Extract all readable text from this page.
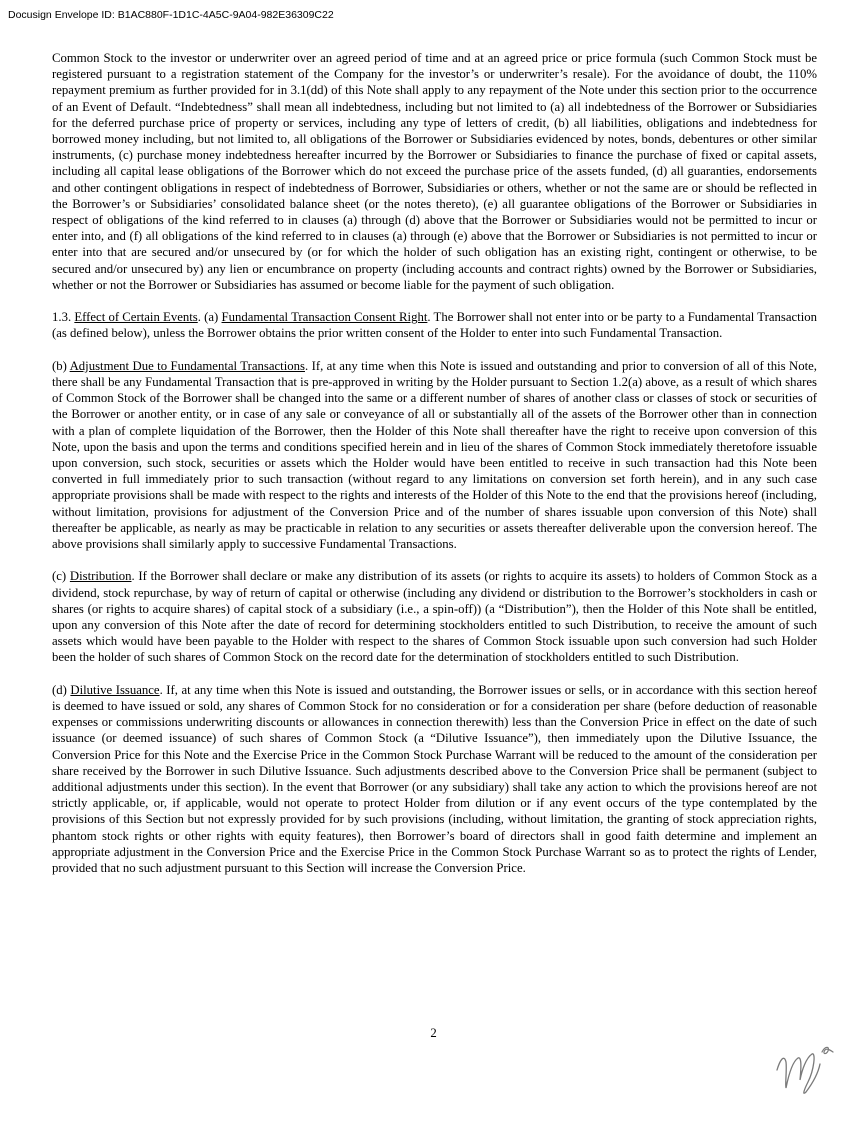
Docusign Envelope ID: B1AC880F-1D1C-4A5C-9A04-982E36309C22

Common Stock to the investor or underwriter over an agreed period of time and at an agreed price or price formula (such Common Stock must be registered pursuant to a registration statement of the Company for the investor’s or underwriter’s resale). For the avoidance of doubt, the 110% repayment premium as further provided for in 3.1(dd) of this Note shall apply to any repayment of the Note under this section prior to the occurrence of an Event of Default. “Indebtedness” shall mean all indebtedness, including but not limited to (a) all indebtedness of the Borrower or Subsidiaries for the deferred purchase price of property or services, including any type of letters of credit, (b) all liabilities, obligations and indebtedness for borrowed money including, but not limited to, all obligations of the Borrower or Subsidiaries evidenced by notes, bonds, debentures or other similar instruments, (c) purchase money indebtedness hereafter incurred by the Borrower or Subsidiaries to finance the purchase of fixed or capital assets, including all capital lease obligations of the Borrower which do not exceed the purchase price of the assets funded, (d) all guaranties, endorsements and other contingent obligations in respect of indebtedness of Borrower, Subsidiaries or others, whether or not the same are or should be reflected in the Borrower’s or Subsidiaries’ consolidated balance sheet (or the notes thereto), (e) all guarantee obligations of the Borrower or Subsidiaries in respect of obligations of the kind referred to in clauses (a) through (d) above that the Borrower or Subsidiaries would not be permitted to incur or enter into, and (f) all obligations of the kind referred to in clauses (a) through (e) above that the Borrower or Subsidiaries is not permitted to incur or enter into that are secured and/or unsecured by (or for which the holder of such obligation has an existing right, contingent or otherwise, to be secured and/or unsecured by) any lien or encumbrance on property (including accounts and contract rights) owned by the Borrower or Subsidiaries, whether or not the Borrower or Subsidiaries has assumed or become liable for the payment of such obligation.

1.3. Effect of Certain Events. (a) Fundamental Transaction Consent Right. The Borrower shall not enter into or be party to a Fundamental Transaction (as defined below), unless the Borrower obtains the prior written consent of the Holder to enter into such Fundamental Transaction.

(b) Adjustment Due to Fundamental Transactions. If, at any time when this Note is issued and outstanding and prior to conversion of all of this Note, there shall be any Fundamental Transaction that is pre-approved in writing by the Holder pursuant to Section 1.2(a) above, as a result of which shares of Common Stock of the Borrower shall be changed into the same or a different number of shares of another class or classes of stock or securities of the Borrower or another entity, or in case of any sale or conveyance of all or substantially all of the assets of the Borrower other than in connection with a plan of complete liquidation of the Borrower, then the Holder of this Note shall thereafter have the right to receive upon conversion of this Note, upon the basis and upon the terms and conditions specified herein and in lieu of the shares of Common Stock immediately theretofore issuable upon conversion, such stock, securities or assets which the Holder would have been entitled to receive in such transaction had this Note been converted in full immediately prior to such transaction (without regard to any limitations on conversion set forth herein), and in any such case appropriate provisions shall be made with respect to the rights and interests of the Holder of this Note to the end that the provisions hereof (including, without limitation, provisions for adjustment of the Conversion Price and of the number of shares issuable upon conversion of this Note) shall thereafter be applicable, as nearly as may be practicable in relation to any securities or assets thereafter deliverable upon the conversion hereof. The above provisions shall similarly apply to successive Fundamental Transactions.

(c) Distribution. If the Borrower shall declare or make any distribution of its assets (or rights to acquire its assets) to holders of Common Stock as a dividend, stock repurchase, by way of return of capital or otherwise (including any dividend or distribution to the Borrower’s stockholders in cash or shares (or rights to acquire shares) of capital stock of a subsidiary (i.e., a spin-off)) (a “Distribution”), then the Holder of this Note shall be entitled, upon any conversion of this Note after the date of record for determining stockholders entitled to such Distribution, to receive the amount of such assets which would have been payable to the Holder with respect to the shares of Common Stock issuable upon such conversion had such Holder been the holder of such shares of Common Stock on the record date for the determination of stockholders entitled to such Distribution.

(d) Dilutive Issuance. If, at any time when this Note is issued and outstanding, the Borrower issues or sells, or in accordance with this section hereof is deemed to have issued or sold, any shares of Common Stock for no consideration or for a consideration per share (before deduction of reasonable expenses or commissions underwriting discounts or allowances in connection therewith) less than the Conversion Price in effect on the date of such issuance (or deemed issuance) of such shares of Common Stock (a “Dilutive Issuance”), then immediately upon the Dilutive Issuance, the Conversion Price for this Note and the Exercise Price in the Common Stock Purchase Warrant will be reduced to the amount of the consideration per share received by the Borrower in such Dilutive Issuance. Such adjustments described above to the Conversion Price shall be permanent (subject to additional adjustments under this section). In the event that Borrower (or any subsidiary) shall take any action to which the provisions hereof are not strictly applicable, or, if applicable, would not operate to protect Holder from dilution or if any event occurs of the type contemplated by the provisions of this Section but not expressly provided for by such provisions (including, without limitation, the granting of stock appreciation rights, phantom stock rights or other rights with equity features), then Borrower’s board of directors shall in good faith determine and implement an appropriate adjustment in the Conversion Price and the Exercise Price in the Common Stock Purchase Warrant so as to protect the rights of Lender, provided that no such adjustment pursuant to this Section will increase the Conversion Price.

2
